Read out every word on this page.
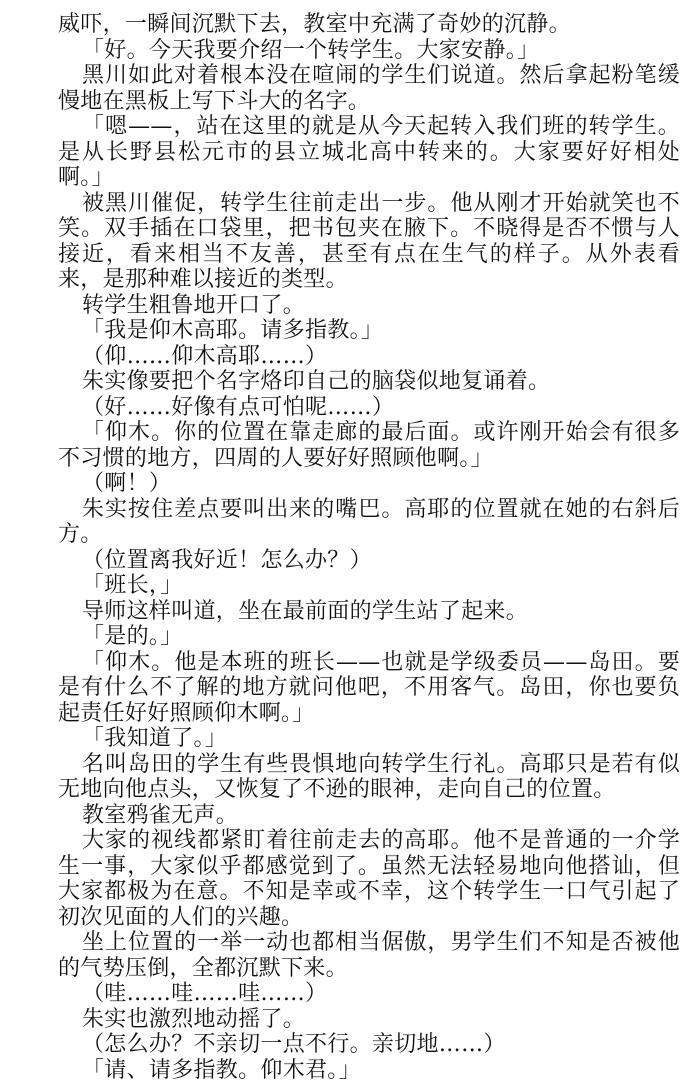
威吓，一瞬间沉默下去，教室中充满了奇妙的沉静。

「好。今天我要介绍一个转学生。大家安静。」

黑川如此对着根本没在喧闹的学生们说道。然后拿起粉笔缓慢地在黑板上写下斗大的名字。

「嗯——，站在这里的就是从今天起转入我们班的转学生。是从长野县松元市的县立城北高中转来的。大家要好好相处啊。」

被黑川催促，转学生往前走出一步。他从刚才开始就笑也不笑。双手插在口袋里，把书包夹在腋下。不晓得是否不惯与人接近，看来相当不友善，甚至有点在生气的样子。从外表看来，是那种难以接近的类型。

转学生粗鲁地开口了。

「我是仰木高耶。请多指教。」

（仰……仰木高耶……）

朱实像要把个名字烙印自己的脑袋似地复诵着。

（好……好像有点可怕呢……）

「仰木。你的位置在靠走廊的最后面。或许刚开始会有很多不习惯的地方，四周的人要好好照顾他啊。」

（啊！）

朱实按住差点要叫出来的嘴巴。高耶的位置就在她的右斜后方。

（位置离我好近！怎么办？）

「班长，」

导师这样叫道，坐在最前面的学生站了起来。

「是的。」

「仰木。他是本班的班长——也就是学级委员——岛田。要是有什么不了解的地方就问他吧，不用客气。岛田，你也要负起责任好好照顾仰木啊。」

「我知道了。」

名叫岛田的学生有些畏惧地向转学生行礼。高耶只是若有似无地向他点头，又恢复了不逊的眼神，走向自己的位置。

教室鸦雀无声。

大家的视线都紧盯着往前走去的高耶。他不是普通的一介学生一事，大家似乎都感觉到了。虽然无法轻易地向他搭讪，但大家都极为在意。不知是幸或不幸，这个转学生一口气引起了初次见面的人们的兴趣。

坐上位置的一举一动也都相当倨傲，男学生们不知是否被他的气势压倒，全都沉默下来。

（哇……哇……哇……）

朱实也激烈地动摇了。

（怎么办？不亲切一点不行。亲切地……）

「请、请多指教。仰木君。」
